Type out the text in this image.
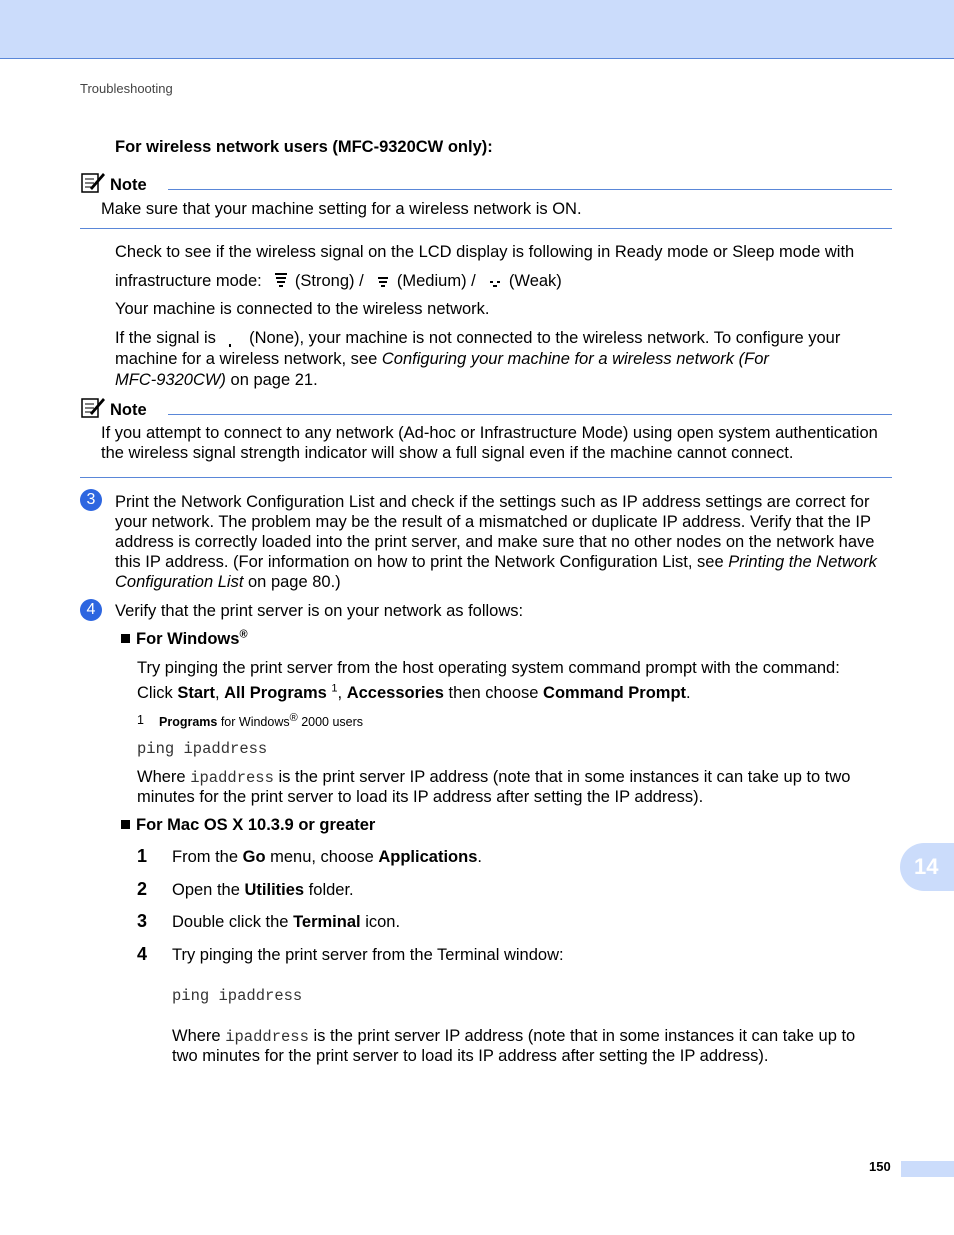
Troubleshooting
For wireless network users (MFC-9320CW only):
Note
Make sure that your machine setting for a wireless network is ON.
Check to see if the wireless signal on the LCD display is following in Ready mode or Sleep mode with
infrastructure mode: (Strong) / (Medium) / (Weak)
Your machine is connected to the wireless network.
If the signal is (None), your machine is not connected to the wireless network. To configure your
machine for a wireless network, see Configuring your machine for a wireless network (For
MFC-9320CW) on page 21.
Note
If you attempt to connect to any network (Ad-hoc or Infrastructure Mode) using open system authentication
the wireless signal strength indicator will show a full signal even if the machine cannot connect.
3	Print the Network Configuration List and check if the settings such as IP address settings are correct for
your network. The problem may be the result of a mismatched or duplicate IP address. Verify that the IP
address is correctly loaded into the print server, and make sure that no other nodes on the network have
this IP address. (For information on how to print the Network Configuration List, see Printing the Network
Configuration List on page 80.)
4	Verify that the print server is on your network as follows:
For Windows®
Try pinging the print server from the host operating system command prompt with the command:
Click Start, All Programs $^1$, Accessories then choose Command Prompt.
1 Programs for Windows® 2000 users
ping ipaddress
Where ipaddress is the print server IP address (note that in some instances it can take up to two
minutes for the print server to load its IP address after setting the IP address).
For Mac OS X 10.3.9 or greater
1 From the Go menu, choose Applications.
2 Open the Utilities folder.
3 Double click the Terminal icon.
4 Try pinging the print server from the Terminal window:
ping ipaddress
Where ipaddress is the print server IP address (note that in some instances it can take up to
two minutes for the print server to load its IP address after setting the IP address).
14
150
